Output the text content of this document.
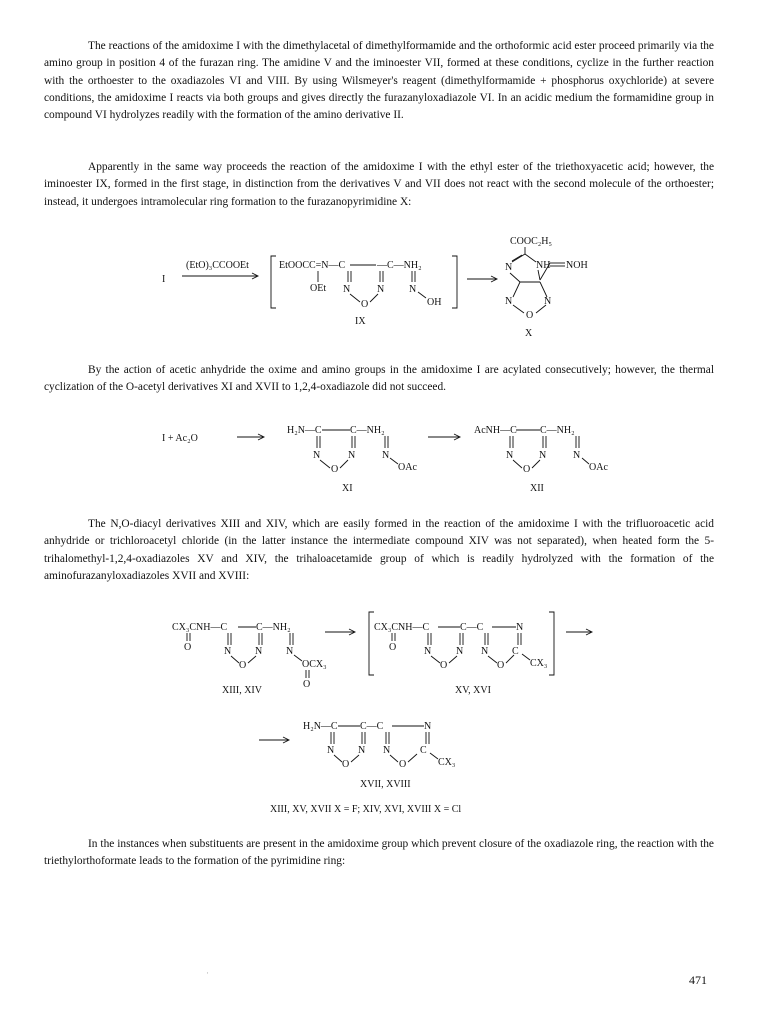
The reactions of the amidoxime I with the dimethylacetal of dimethylformamide and the orthoformic acid ester proceed primarily via the amino group in position 4 of the furazan ring. The amidine V and the iminoester VII, formed at these conditions, cyclize in the further reaction with the orthoester to the oxadiazoles VI and VIII. By using Wilsmeyer's reagent (dimethylformamide + phosphorus oxychloride) at severe conditions, the amidoxime I reacts via both groups and gives directly the furazanyloxadiazole VI. In an acidic medium the formamidine group in compound VI hydrolyzes readily with the formation of the amino derivative II.

Apparently in the same way proceeds the reaction of the amidoxime I with the ethyl ester of the triethoxyacetic acid; however, the iminoester IX, formed in the first stage, in distinction from the derivatives V and VII does not react with the second molecule of the orthoester; instead, it undergoes intramolecular ring formation to the furazanopyrimidine X:

By the action of acetic anhydride the oxime and amino groups in the amidoxime I are acylated consecutively; however, the thermal cyclization of the O-acetyl derivatives XI and XVII to 1,2,4-oxadiazole did not succeed.

The N,O-diacyl derivatives XIII and XIV, which are easily formed in the reaction of the amidoxime I with the trifluoroacetic acid anhydride or trichloroacetyl chloride (in the latter instance the intermediate compound XIV was not separated), when heated form the 5-trihalomethyl-1,2,4-oxadiazoles XV and XIV, the trihaloacetamide group of which is readily hydrolyzed with the formation of the aminofurazanyloxadiazoles XVII and XVIII:

In the instances when substituents are present in the amidoxime group which prevent closure of the oxadiazole ring, the reaction with the triethylorthoformate leads to the formation of the pyrimidine ring:

I
(EtO)₃CCOOEt	EtOOCC=N—C	—C—NH₂
OEt N	N
O
N
OH
IX
COOC₂H₅
NH
N	NOH
N	N
O
X
I + Ac₂O
H₂N—C	C—NH₂
N	N	N
O	OAc
XI
AcNH—C C—NH₂
N	N	N
O	OAc
XII
CX₃CNH—C	C—NH₂
O	N N N
O	OCX₃
O
XIII, XIV
CX₃CNH—C	C—C	N
O	N N N
O	O
C
CX₃
XV, XVI
H₂N—C C—C	N
N N N
O	O
C
CX₃
XVII, XVIII
XIII, XV, XVII X = F; XIV, XVI, XVIII X = Cl
·	471
